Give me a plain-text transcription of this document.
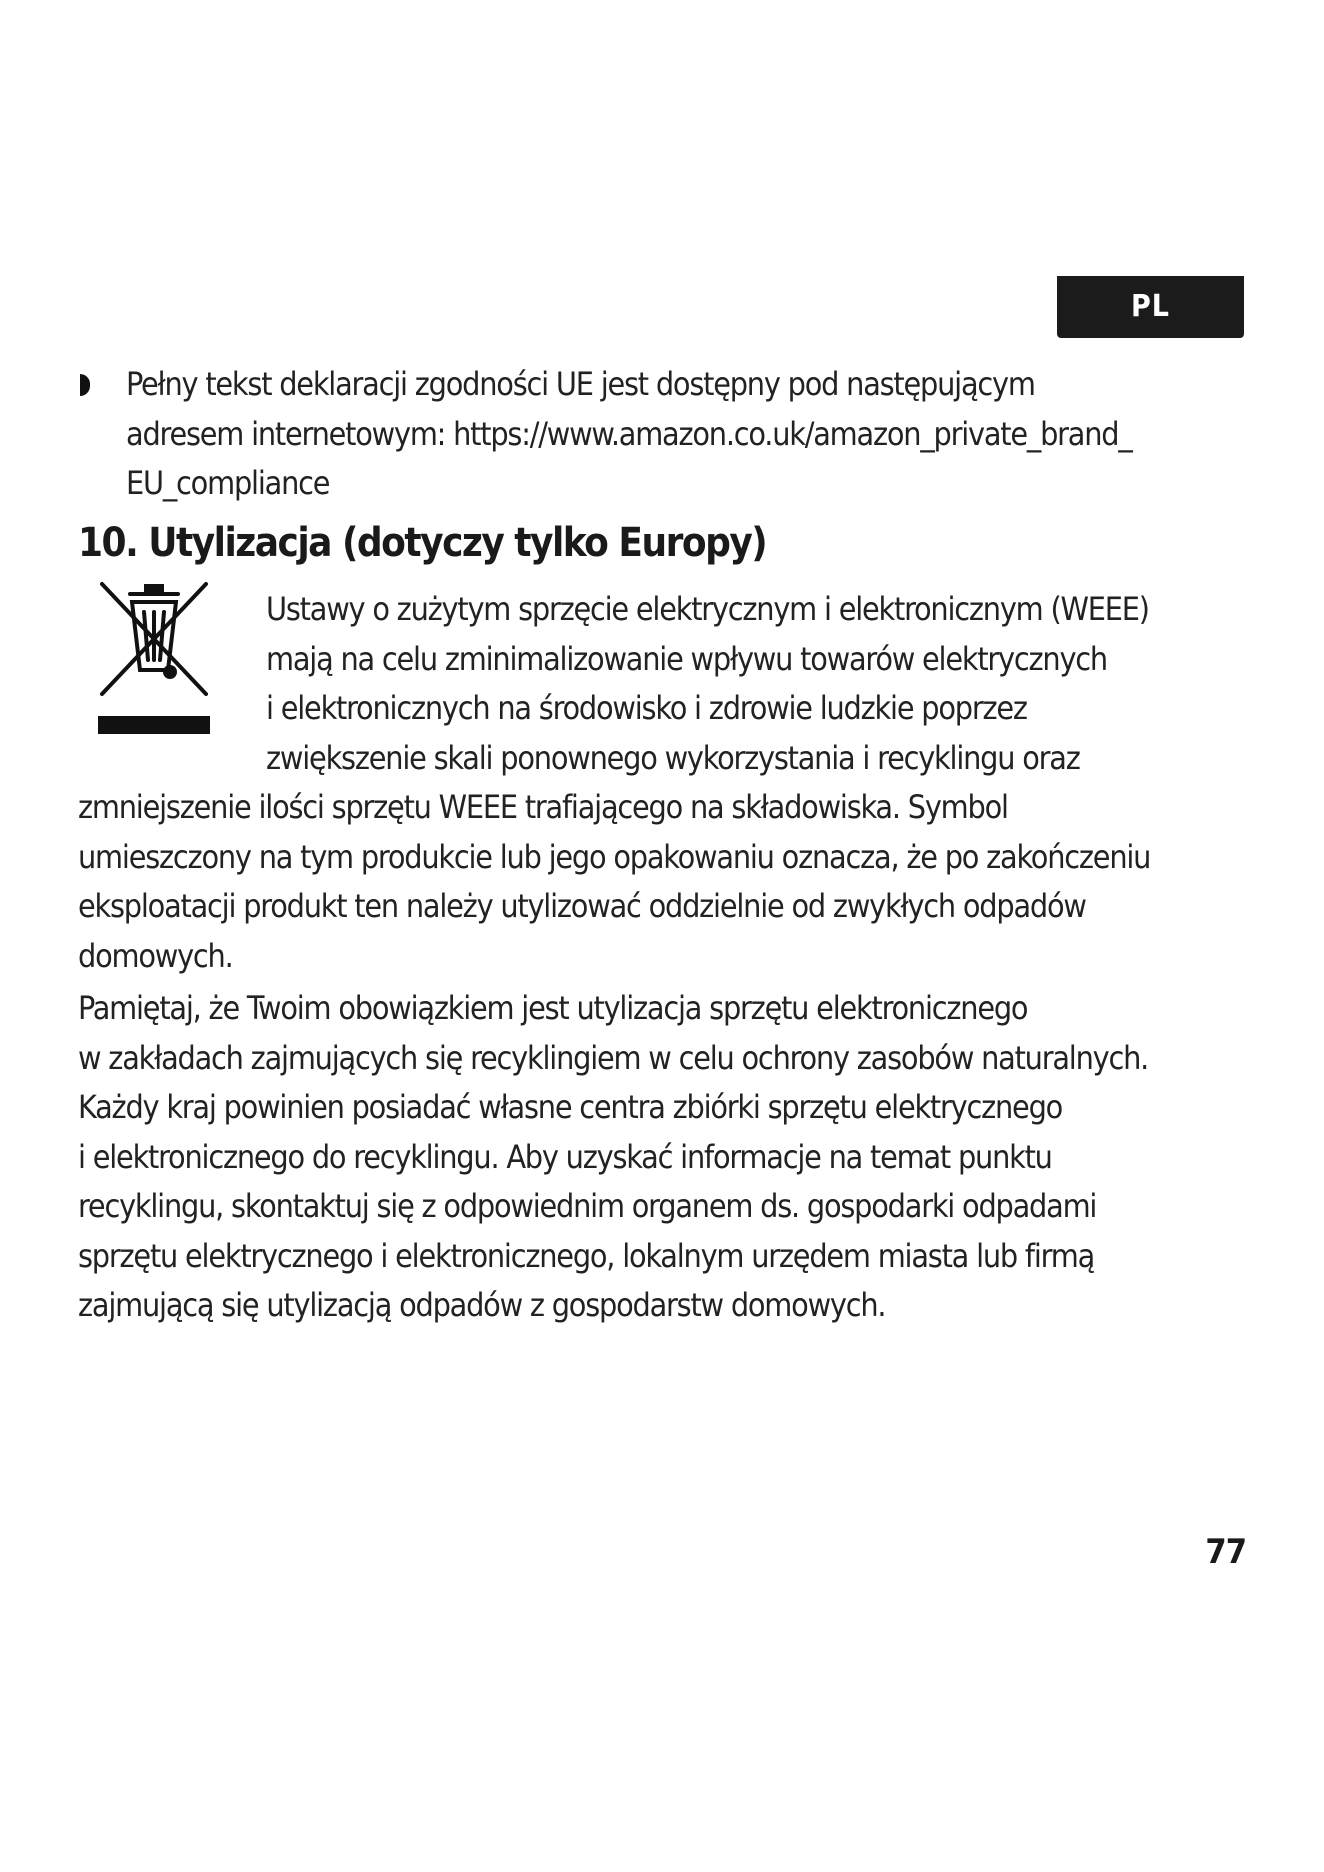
PL
Pełny tekst deklaracji zgodności UE jest dostępny pod następującym
adresem internetowym: https://www.amazon.co.uk/amazon_private_brand_
EU_compliance
10. Utylizacja (dotyczy tylko Europy)
Ustawy o zużytym sprzęcie elektrycznym i elektronicznym (WEEE)
mają na celu zminimalizowanie wpływu towarów elektrycznych
i elektronicznych na środowisko i zdrowie ludzkie poprzez
zwiększenie skali ponownego wykorzystania i recyklingu oraz
zmniejszenie ilości sprzętu WEEE trafiającego na składowiska. Symbol
umieszczony na tym produkcie lub jego opakowaniu oznacza, że po zakończeniu
eksploatacji produkt ten należy utylizować oddzielnie od zwykłych odpadów
domowych.
Pamiętaj, że Twoim obowiązkiem jest utylizacja sprzętu elektronicznego
w zakładach zajmujących się recyklingiem w celu ochrony zasobów naturalnych.
Każdy kraj powinien posiadać własne centra zbiórki sprzętu elektrycznego
i elektronicznego do recyklingu. Aby uzyskać informacje na temat punktu
recyklingu, skontaktuj się z odpowiednim organem ds. gospodarki odpadami
sprzętu elektrycznego i elektronicznego, lokalnym urzędem miasta lub firmą
zajmującą się utylizacją odpadów z gospodarstw domowych.
77
